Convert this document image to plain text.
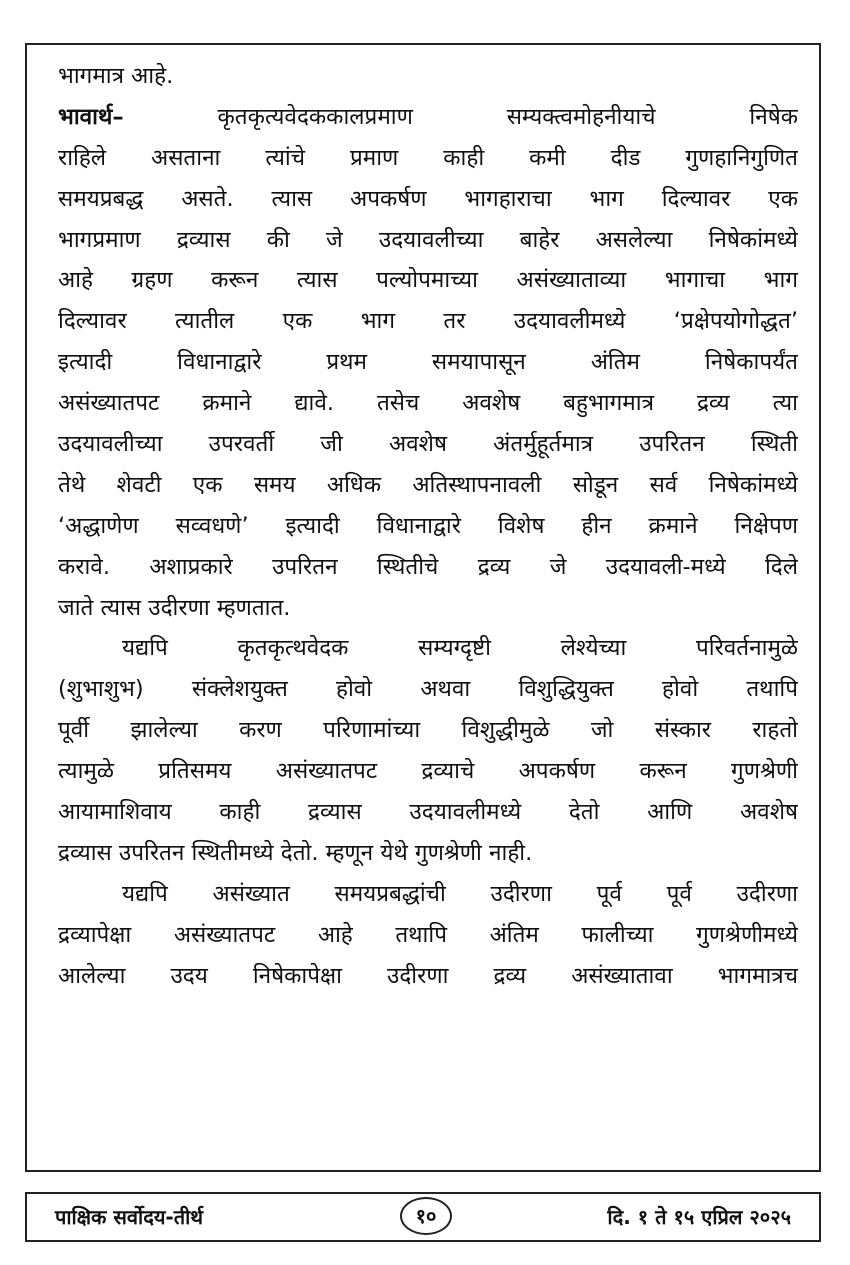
भागमात्र आहे.
भावार्थ– कृतकृत्यवेदककालप्रमाण सम्यक्त्वमोहनीयाचे निषेक
राहिले असताना त्यांचे प्रमाण काही कमी दीड गुणहानिगुणित
समयप्रबद्ध असते. त्यास अपकर्षण भागहाराचा भाग दिल्यावर एक
भागप्रमाण द्रव्यास की जे उदयावलीच्या बाहेर असलेल्या निषेकांमध्ये
आहे ग्रहण करून त्यास पल्योपमाच्या असंख्याताव्या भागाचा भाग
दिल्यावर त्यातील एक भाग तर उदयावलीमध्ये ‘प्रक्षेपयोगोद्धत’
इत्यादी विधानाद्वारे प्रथम समयापासून अंतिम निषेकापर्यंत
असंख्यातपट क्रमाने द्यावे. तसेच अवशेष बहुभागमात्र द्रव्य त्या
उदयावलीच्या उपरवर्ती जी अवशेष अंतर्मुहूर्तमात्र उपरितन स्थिती
तेथे शेवटी एक समय अधिक अतिस्थापनावली सोडून सर्व निषेकांमध्ये
‘अद्धाणेण सव्वधणे’ इत्यादी विधानाद्वारे विशेष हीन क्रमाने निक्षेपण
करावे. अशाप्रकारे उपरितन स्थितीचे द्रव्य जे उदयावली-मध्ये दिले
जाते त्यास उदीरणा म्हणतात.
यद्यपि कृतकृत्थवेदक सम्यग्दृष्टी लेश्येच्या परिवर्तनामुळे
(शुभाशुभ) संक्लेशयुक्त होवो अथवा विशुद्धियुक्त होवो तथापि
पूर्वी झालेल्या करण परिणामांच्या विशुद्धीमुळे जो संस्कार राहतो
त्यामुळे प्रतिसमय असंख्यातपट द्रव्याचे अपकर्षण करून गुणश्रेणी
आयामाशिवाय काही द्रव्यास उदयावलीमध्ये देतो आणि अवशेष
द्रव्यास उपरितन स्थितीमध्ये देतो. म्हणून येथे गुणश्रेणी नाही.
यद्यपि असंख्यात समयप्रबद्धांची उदीरणा पूर्व पूर्व उदीरणा
द्रव्यापेक्षा असंख्यातपट आहे तथापि अंतिम फालीच्या गुणश्रेणीमध्ये
आलेल्या उदय निषेकापेक्षा उदीरणा द्रव्य असंख्यातावा भागमात्रच
पाक्षिक सर्वोदय-तीर्थ	१०	दि. १ ते १५ एप्रिल २०२५
